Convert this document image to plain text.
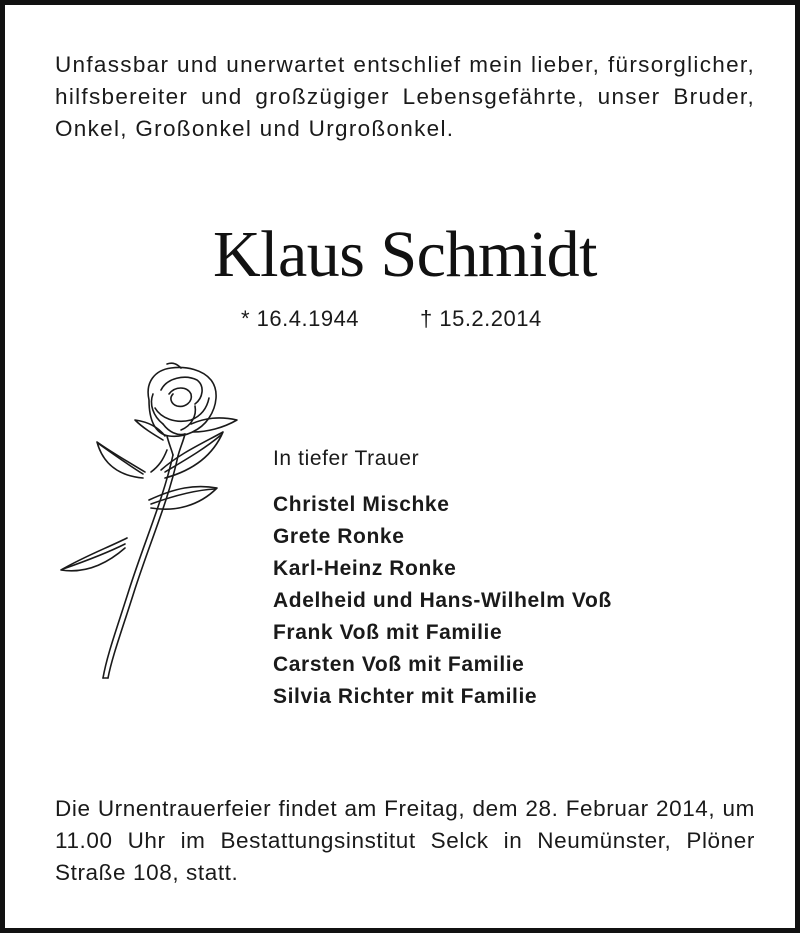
Unfassbar und unerwartet entschlief mein lieber, fürsorglicher, hilfsbereiter und großzügiger Lebensgefährte, unser Bruder, Onkel, Großonkel und Urgroßonkel.

Klaus Schmidt
* 16.4.1944	† 15.2.2014
In tiefer Trauer
Christel Mischke
Grete Ronke
Karl-Heinz Ronke
Adelheid und Hans-Wilhelm Voß
Frank Voß mit Familie
Carsten Voß mit Familie
Silvia Richter mit Familie

Die Urnentrauerfeier findet am Freitag, dem 28. Februar 2014, um 11.00 Uhr im Bestattungsinstitut Selck in Neumünster, Plöner Straße 108, statt.
